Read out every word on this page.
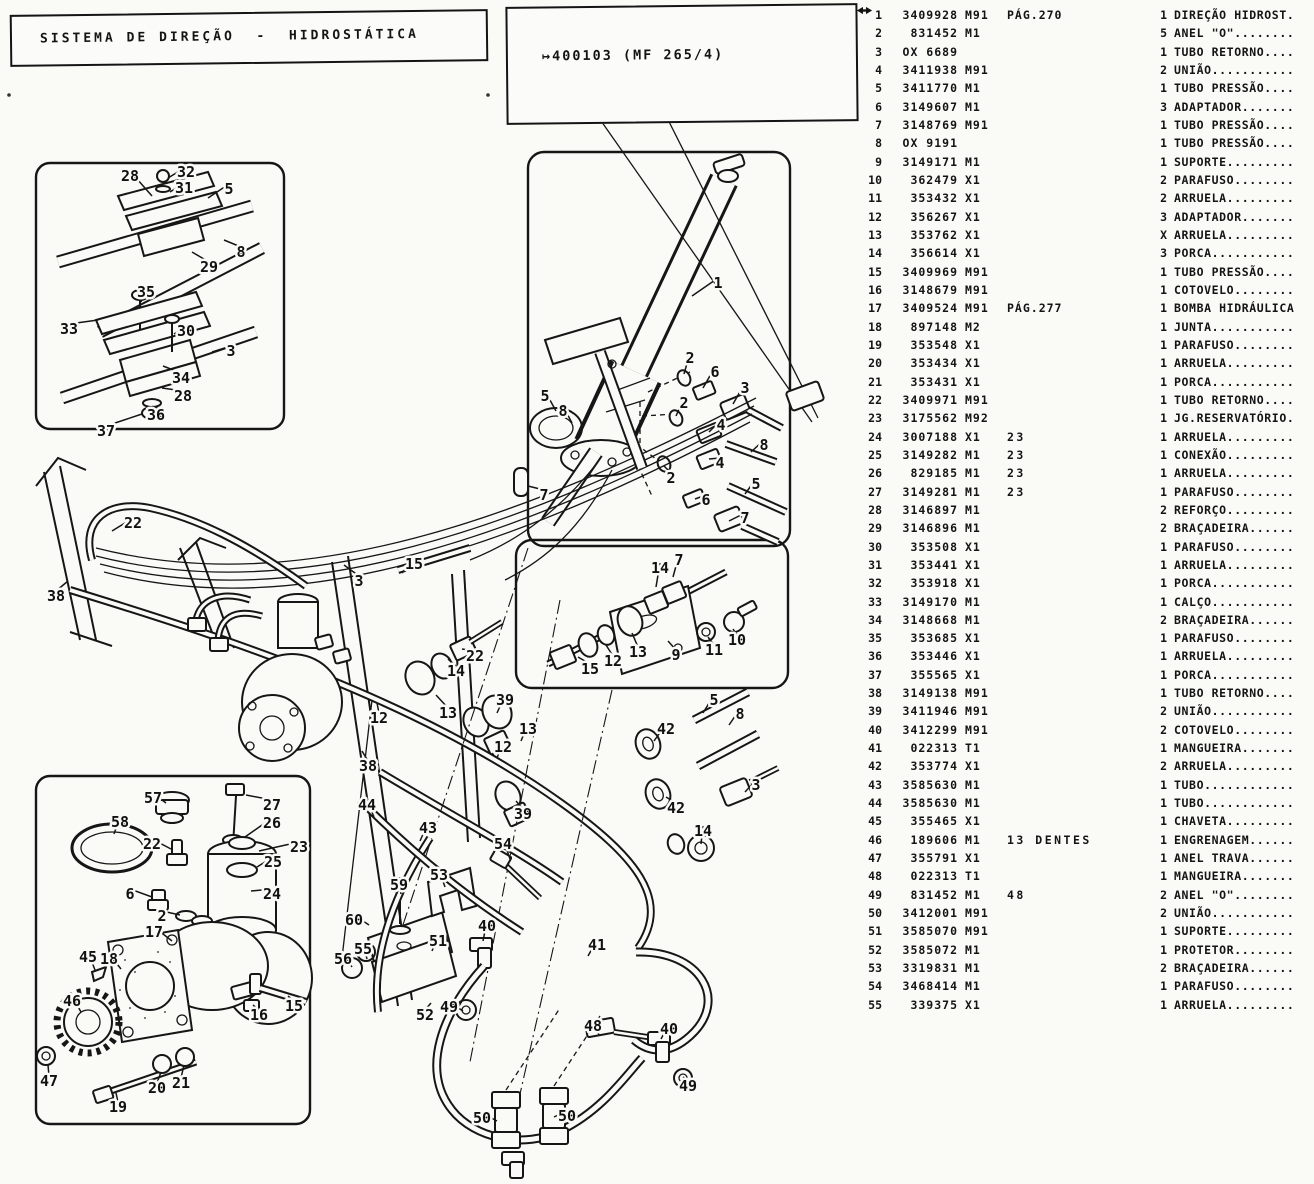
28	32
31 5
8
29
35
33	30
3
34
28
36
37
1
2
6
3
2
4
8
4
2	5
6
7
5
8
7
14 7
15 12 13 9 11
10
57	27
26
58
22	23
25
24
6
2
17
45 18
46	15
16
47
19
20 21
22
38
3
15
22
14
13
12
39
13
12
38
44
43
39
42
5
8
42
3
14
54
59
53
60	40
41
55	51
56
49
52
48	40
50	50
49
SISTEMA DE DIREÇÃO  -  HIDROSTÁTICA
↦400103 (MF 265/4)
1	3409928 M91	PÁG.270	1 DIREÇÃO HIDROST.
2	831452 M1	5 ANEL "O"........
3	OX 6689	1 TUBO RETORNO....
4	3411938 M91	2 UNIÃO...........
5	3411770 M1	1 TUBO PRESSÃO....
6	3149607 M1	3 ADAPTADOR.......
7	3148769 M91	1 TUBO PRESSÃO....
8	OX 9191	1 TUBO PRESSÃO....
9	3149171 M1	1 SUPORTE.........
10	362479 X1	2 PARAFUSO........
11	353432 X1	2 ARRUELA.........
12	356267 X1	3 ADAPTADOR.......
13	353762 X1	X ARRUELA.........
14	356614 X1	3 PORCA...........
15	3409969 M91	1 TUBO PRESSÃO....
16	3148679 M91	1 COTOVELO........
17	3409524 M91	PÁG.277	1 BOMBA HIDRÁULICA
18	897148 M2	1 JUNTA...........
19	353548 X1	1 PARAFUSO........
20	353434 X1	1 ARRUELA.........
21	353431 X1	1 PORCA...........
22	3409971 M91	1 TUBO RETORNO....
23	3175562 M92	1 JG.RESERVATÓRIO.
24	3007188 X1	23	1 ARRUELA.........
25	3149282 M1	23	1 CONEXÃO.........
26	829185 M1	23	1 ARRUELA.........
27	3149281 M1	23	1 PARAFUSO........
28	3146897 M1	2 REFORÇO.........
29	3146896 M1	2 BRAÇADEIRA......
30	353508 X1	1 PARAFUSO........
31	353441 X1	1 ARRUELA.........
32	353918 X1	1 PORCA...........
33	3149170 M1	1 CALÇO...........
34	3148668 M1	2 BRAÇADEIRA......
35	353685 X1	1 PARAFUSO........
36	353446 X1	1 ARRUELA.........
37	355565 X1	1 PORCA...........
38	3149138 M91	1 TUBO RETORNO....
39	3411946 M91	2 UNIÃO...........
40	3412299 M91	2 COTOVELO........
41	022313 T1	1 MANGUEIRA.......
42	353774 X1	2 ARRUELA.........
43	3585630 M1	1 TUBO............
44	3585630 M1	1 TUBO............
45	355465 X1	1 CHAVETA.........
46	189606 M1	13 DENTES	1 ENGRENAGEM......
47	355791 X1	1 ANEL TRAVA......
48	022313 T1	1 MANGUEIRA.......
49	831452 M1	48	2 ANEL "O"........
50	3412001 M91	2 UNIÃO...........
51	3585070 M91	1 SUPORTE.........
52	3585072 M1	1 PROTETOR........
53	3319831 M1	2 BRAÇADEIRA......
54	3468414 M1	1 PARAFUSO........
55	339375 X1	1 ARRUELA.........
